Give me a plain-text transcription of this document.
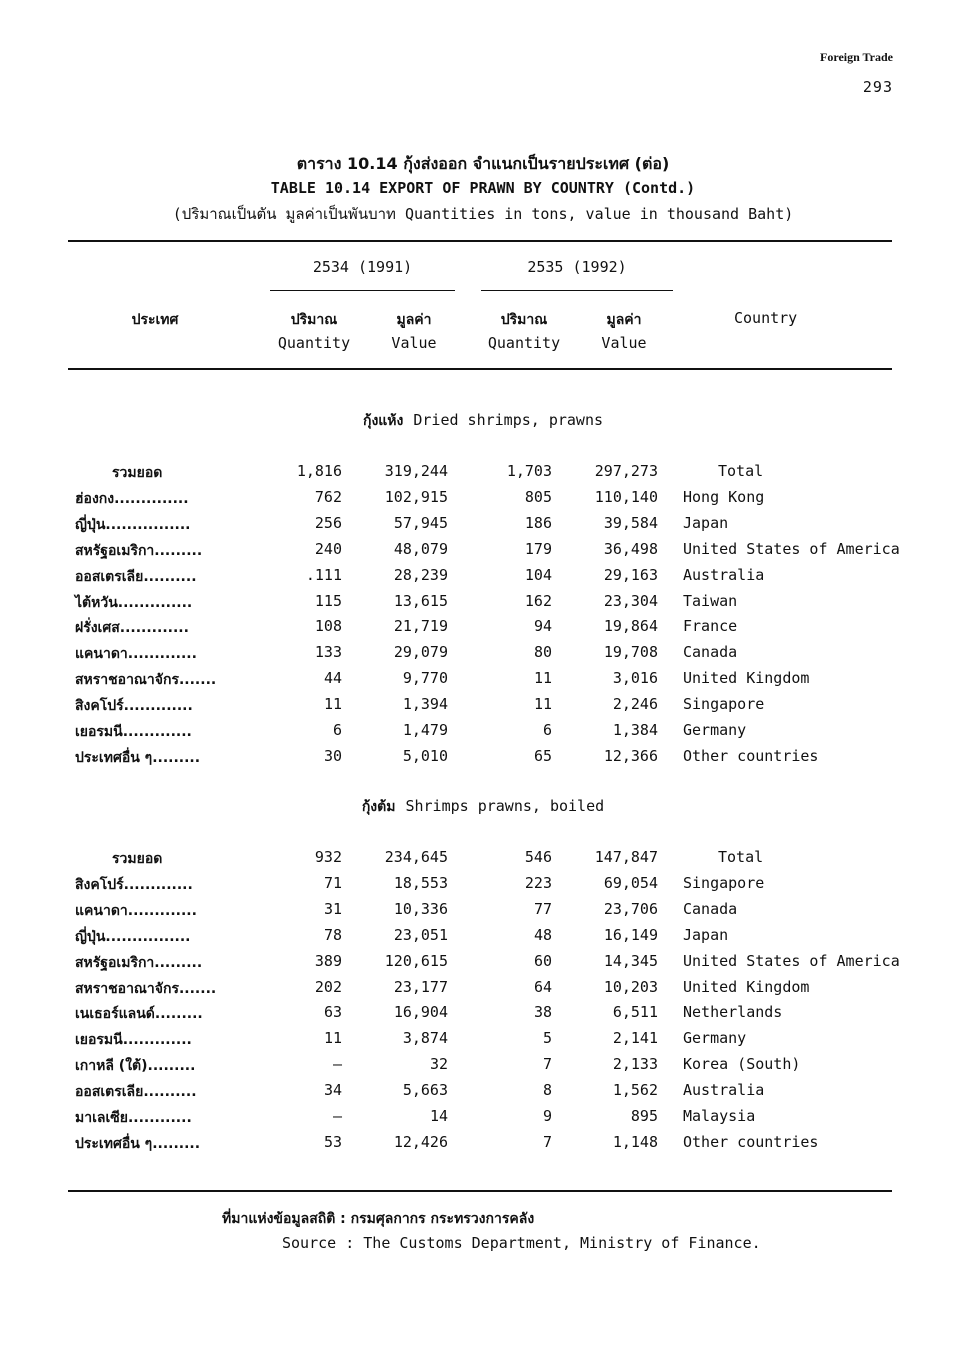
Foreign Trade
293
ตาราง 10.14 กุ้งส่งออก จำแนกเป็นรายประเทศ (ต่อ)
TABLE 10.14 EXPORT OF PRAWN BY COUNTRY (Contd.)
(ปริมาณเป็นตัน มูลค่าเป็นพันบาท Quantities in tons, value in thousand Baht)
2534 (1991)	2535 (1992)
ประเทศ	ปริมาณ	มูลค่า	ปริมาณ	มูลค่า	Country
Quantity	Value	Quantity	Value
กุ้งแห้ง Dried shrimps, prawns
รวมยอด	1,816	319,244	1,703	297,273	Total
ฮ่องกง..............	762	102,915	805	110,140 Hong Kong
ญี่ปุ่น................	256	57,945	186	39,584 Japan
สหรัฐอเมริกา.........	240	48,079	179	36,498 United States of America
ออสเตรเลีย..........	.111	28,239	104	29,163 Australia
ไต้หวัน..............	115	13,615	162	23,304 Taiwan
ฝรั่งเศส.............	108	21,719	94	19,864 France
แคนาดา.............	133	29,079	80	19,708 Canada
สหราชอาณาจักร.......	44	9,770	11	3,016 United Kingdom
สิงคโปร์.............	11	1,394	11	2,246 Singapore
เยอรมนี.............	6	1,479	6	1,384 Germany
ประเทศอื่น ๆ.........	30	5,010	65	12,366 Other countries
กุ้งต้ม Shrimps prawns, boiled
รวมยอด	932	234,645	546	147,847	Total
สิงคโปร์.............	71	18,553	223	69,054 Singapore
แคนาดา.............	31	10,336	77	23,706 Canada
ญี่ปุ่น................	78	23,051	48	16,149 Japan
สหรัฐอเมริกา.........	389	120,615	60	14,345 United States of America
สหราชอาณาจักร.......	202	23,177	64	10,203 United Kingdom
เนเธอร์แลนด์.........	63	16,904	38	6,511 Netherlands
เยอรมนี.............	11	3,874	5	2,141 Germany
เกาหลี (ใต้).........	—	32	7	2,133 Korea (South)
ออสเตรเลีย..........	34	5,663	8	1,562 Australia
มาเลเซีย............	—	14	9	895 Malaysia
ประเทศอื่น ๆ.........	53	12,426	7	1,148 Other countries
ที่มาแห่งข้อมูลสถิติ : กรมศุลกากร กระทรวงการคลัง
Source : The Customs Department, Ministry of Finance.
